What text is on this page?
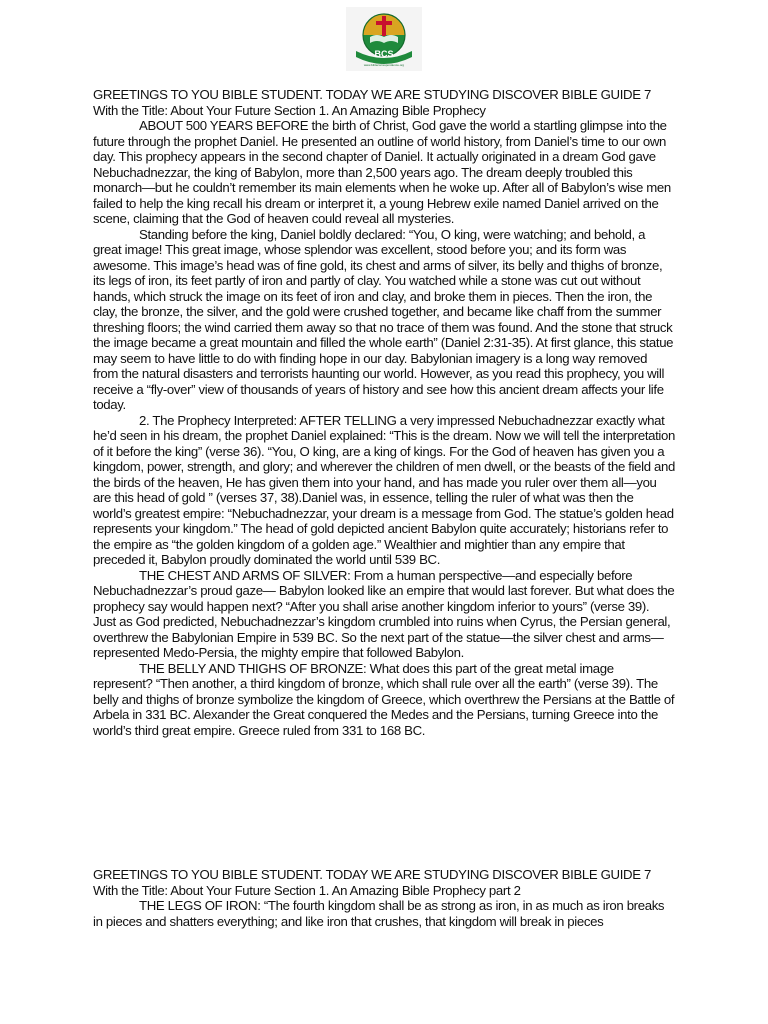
BCS
www.biblecorrespondence.org

GREETINGS TO YOU BIBLE STUDENT. TODAY WE ARE STUDYING DISCOVER BIBLE GUIDE 7
With the Title: About Your Future Section 1. An Amazing Bible Prophecy
ABOUT 500 YEARS BEFORE the birth of Christ, God gave the world a startling glimpse into the future through the prophet Daniel. He presented an outline of world history, from Daniel’s time to our own day. This prophecy appears in the second chapter of Daniel. It actually originated in a dream God gave Nebuchadnezzar, the king of Babylon, more than 2,500 years ago. The dream deeply troubled this monarch—but he couldn’t remember its main elements when he woke up. After all of Babylon’s wise men failed to help the king recall his dream or interpret it, a young Hebrew exile named Daniel arrived on the scene, claiming that the God of heaven could reveal all mysteries.
Standing before the king, Daniel boldly declared: “You, O king, were watching; and behold, a great image! This great image, whose splendor was excellent, stood before you; and its form was awesome. This image’s head was of fine gold, its chest and arms of silver, its belly and thighs of bronze, its legs of iron, its feet partly of iron and partly of clay. You watched while a stone was cut out without hands, which struck the image on its feet of iron and clay, and broke them in pieces. Then the iron, the clay, the bronze, the silver, and the gold were crushed together, and became like chaff from the summer threshing floors; the wind carried them away so that no trace of them was found. And the stone that struck the image became a great mountain and filled the whole earth” (Daniel 2:31-35). At first glance, this statue may seem to have little to do with finding hope in our day. Babylonian imagery is a long way removed from the natural disasters and terrorists haunting our world. However, as you read this prophecy, you will receive a “fly-over” view of thousands of years of history and see how this ancient dream affects your life today.
2. The Prophecy Interpreted: AFTER TELLING a very impressed Nebuchadnezzar exactly what he’d seen in his dream, the prophet Daniel explained: “This is the dream. Now we will tell the interpretation of it before the king” (verse 36). “You, O king, are a king of kings. For the God of heaven has given you a kingdom, power, strength, and glory; and wherever the children of men dwell, or the beasts of the field and the birds of the heaven, He has given them into your hand, and has made you ruler over them all—you are this head of gold ” (verses 37, 38).Daniel was, in essence, telling the ruler of what was then the world’s greatest empire: “Nebuchadnezzar, your dream is a message from God. The statue’s golden head represents your kingdom.” The head of gold depicted ancient Babylon quite accurately; historians refer to the empire as “the golden kingdom of a golden age.” Wealthier and mightier than any empire that preceded it, Babylon proudly dominated the world until 539 BC.
THE CHEST AND ARMS OF SILVER: From a human perspective—and especially before Nebuchadnezzar’s proud gaze— Babylon looked like an empire that would last forever. But what does the prophecy say would happen next? “After you shall arise another kingdom inferior to yours” (verse 39). Just as God predicted, Nebuchadnezzar’s kingdom crumbled into ruins when Cyrus, the Persian general, overthrew the Babylonian Empire in 539 BC. So the next part of the statue—the silver chest and arms—represented Medo-Persia, the mighty empire that followed Babylon.
THE BELLY AND THIGHS OF BRONZE: What does this part of the great metal image represent? “Then another, a third kingdom of bronze, which shall rule over all the earth” (verse 39). The belly and thighs of bronze symbolize the kingdom of Greece, which overthrew the Persians at the Battle of Arbela in 331 BC. Alexander the Great conquered the Medes and the Persians, turning Greece into the world’s third great empire. Greece ruled from 331 to 168 BC.

GREETINGS TO YOU BIBLE STUDENT. TODAY WE ARE STUDYING DISCOVER BIBLE GUIDE 7
With the Title: About Your Future Section 1. An Amazing Bible Prophecy part 2
THE LEGS OF IRON: “The fourth kingdom shall be as strong as iron, in as much as iron breaks in pieces and shatters everything; and like iron that crushes, that kingdom will break in pieces
